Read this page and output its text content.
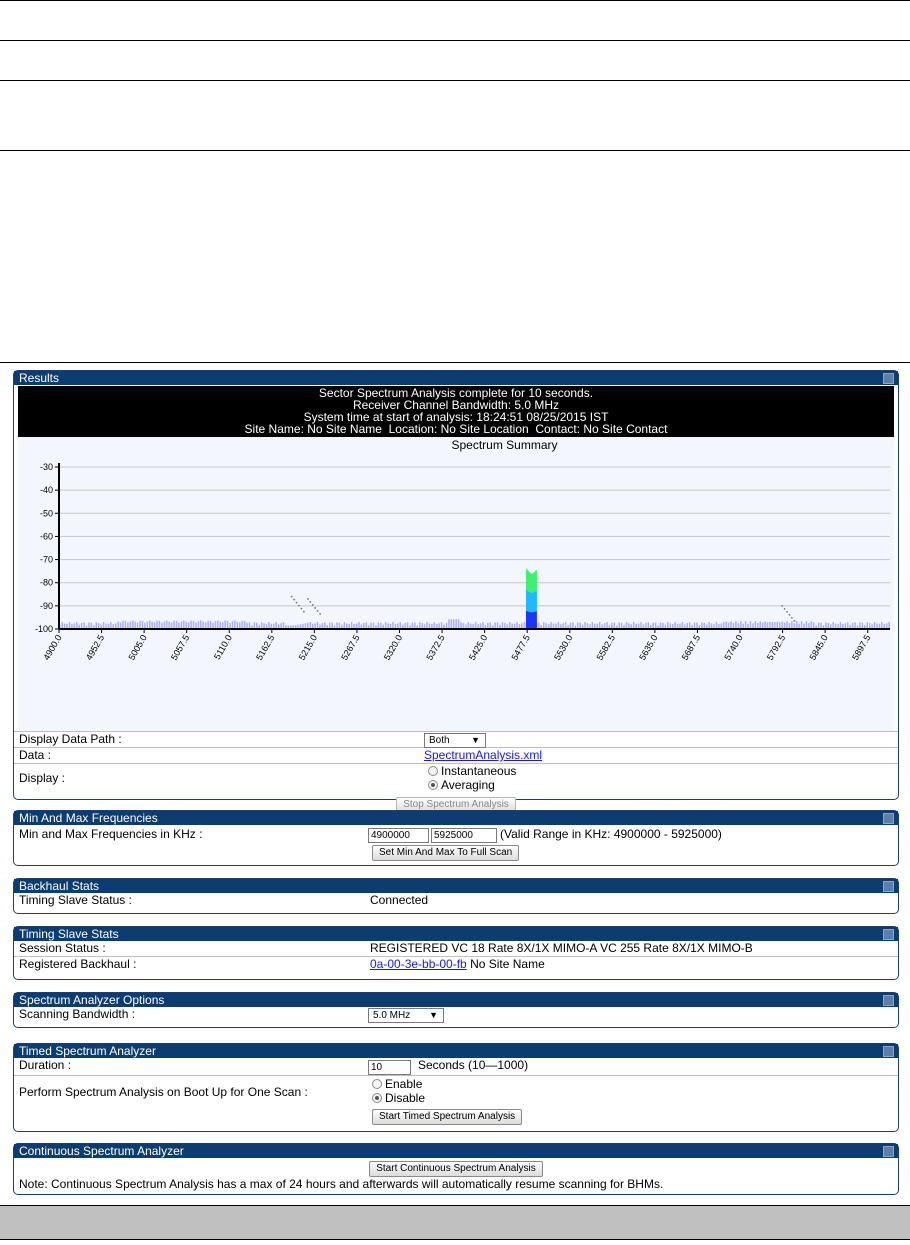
Results
Sector Spectrum Analysis complete for 10 seconds.
Receiver Channel Bandwidth: 5.0 MHz
System time at start of analysis: 18:24:51 08/25/2015 IST
Site Name: No Site Name  Location: No Site Location  Contact: No Site Contact
Spectrum Summary
-30
-40
-50
-60
-70
-80
-90
-100
4900.0 4952.5 5005.0 5057.5 5110.0 5162.5 5215.0 5267.5 5320.0 5372.5 5425.0 5477.5 5530.0 5582.5 5635.0 5687.5 5740.0 5792.5 5845.0 5897.5
Display Data Path :	Both ▼
Data :	SpectrumAnalysis.xml
Display :	Instantaneous
Averaging
Stop Spectrum Analysis
Min And Max Frequencies
Min and Max Frequencies in KHz :	4900000	5925000	(Valid Range in KHz: 4900000 - 5925000)
Set Min And Max To Full Scan
Backhaul Stats
Timing Slave Status :	Connected
Timing Slave Stats
Session Status :	REGISTERED VC 18 Rate 8X/1X MIMO-A VC 255 Rate 8X/1X MIMO-B
Registered Backhaul :	0a-00-3e-bb-00-fb No Site Name
Spectrum Analyzer Options
Scanning Bandwidth :	5.0 MHz ▼
Timed Spectrum Analyzer
Duration :	10	Seconds (10—1000)
Perform Spectrum Analysis on Boot Up for One Scan :
Enable
Disable
Start Timed Spectrum Analysis
Continuous Spectrum Analyzer
Start Continuous Spectrum Analysis
Note: Continuous Spectrum Analysis has a max of 24 hours and afterwards will automatically resume scanning for BHMs.
